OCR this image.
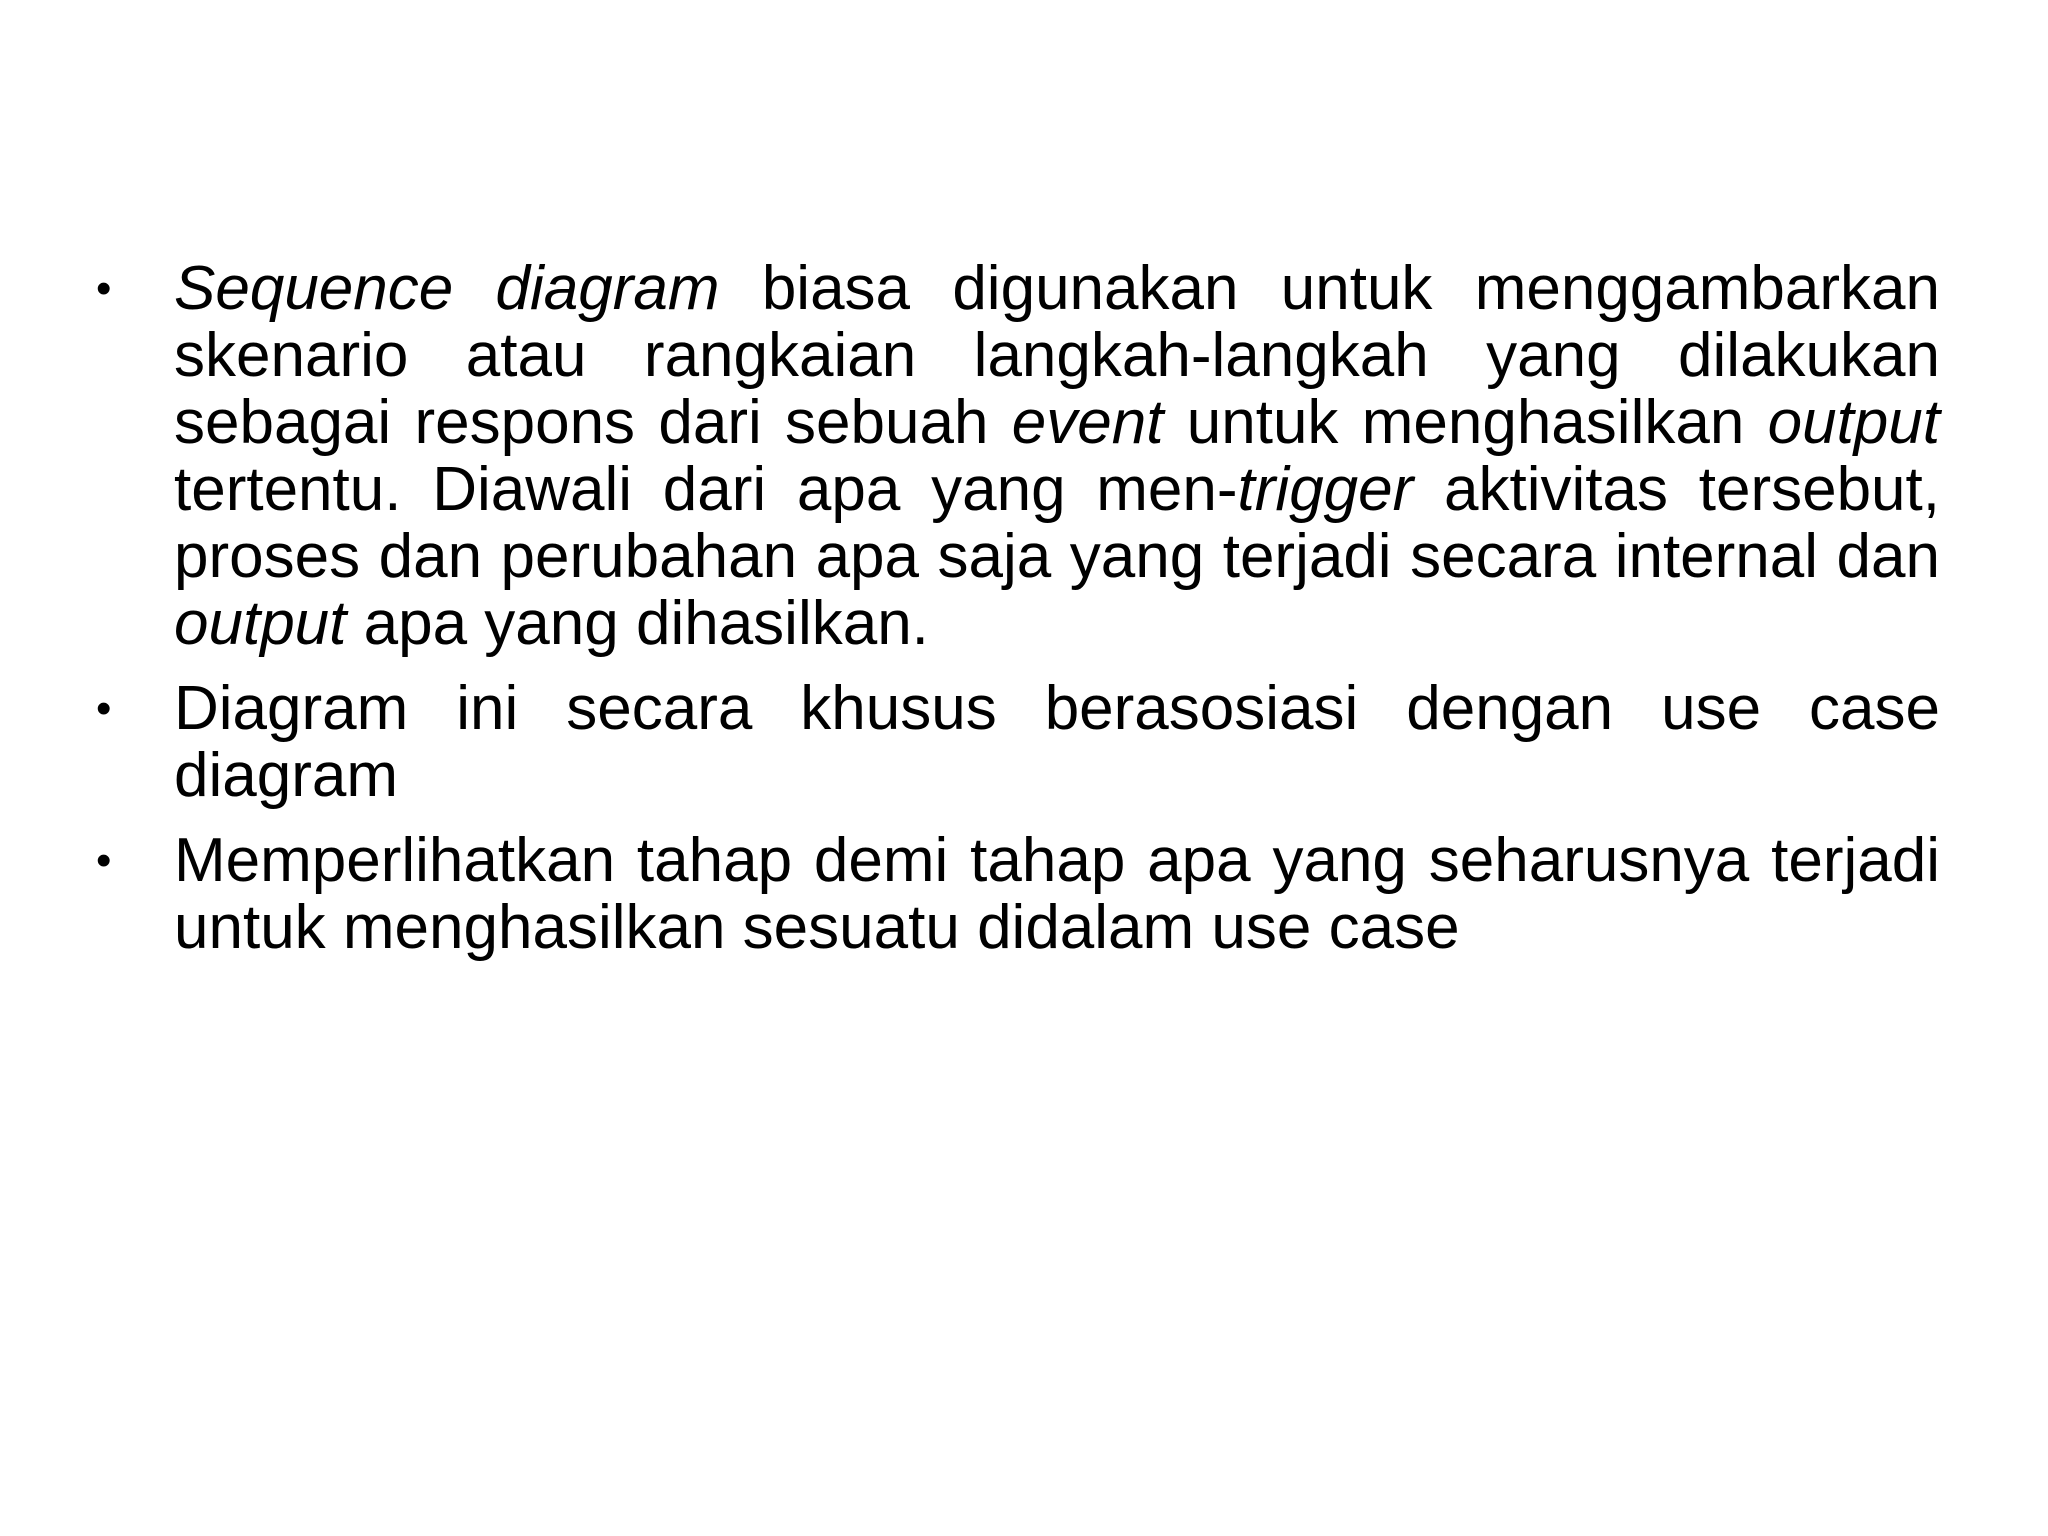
• Sequence diagram biasa digunakan untuk menggambarkan skenario atau rangkaian langkah-langkah yang dilakukan sebagai respons dari sebuah event untuk menghasilkan output tertentu. Diawali dari apa yang men-trigger aktivitas tersebut, proses dan perubahan apa saja yang terjadi secara internal dan output apa yang dihasilkan.
• Diagram ini secara khusus berasosiasi dengan use case diagram
• Memperlihatkan tahap demi tahap apa yang seharusnya terjadi untuk menghasilkan sesuatu didalam use case
